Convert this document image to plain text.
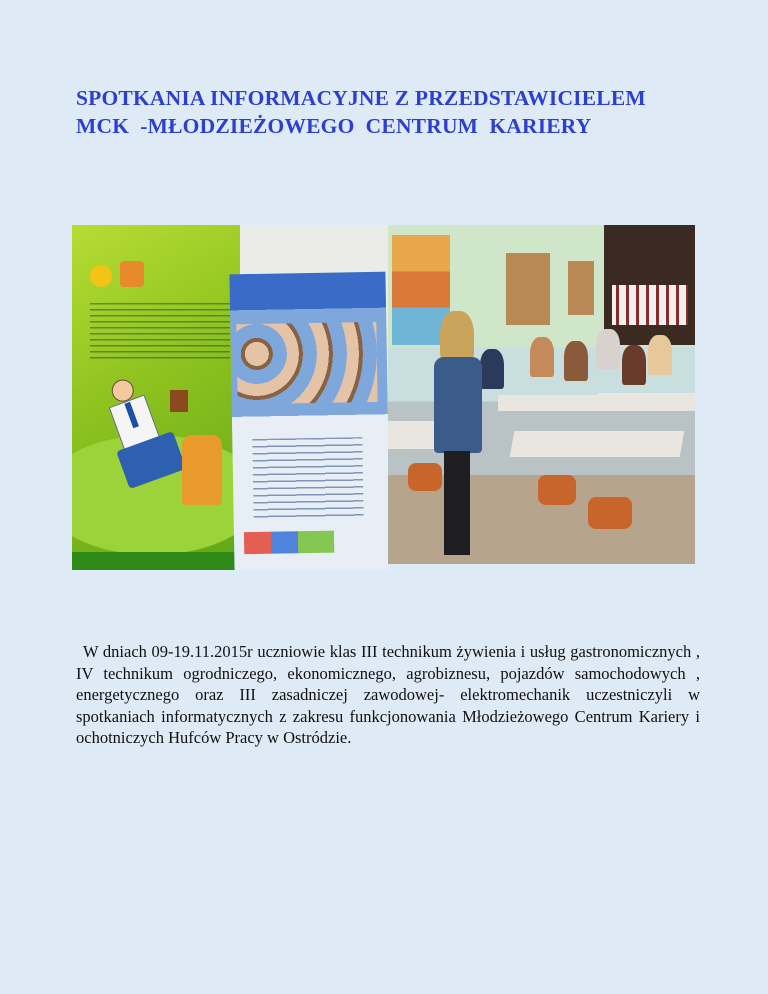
SPOTKANIA INFORMACYJNE Z PRZEDSTAWICIELEM
MCK  -MŁODZIEŻOWEGO  CENTRUM  KARIERY

W dniach 09-19.11.2015r uczniowie klas III technikum żywienia i usług gastronomicznych , IV technikum ogrodniczego, ekonomicznego, agrobiznesu, pojazdów samochodowych , energetycznego oraz III zasadniczej zawodowej- elektromechanik uczestniczyli w spotkaniach informatycznych z zakresu funkcjonowania Młodzieżowego Centrum Kariery i ochotniczych Hufców Pracy w Ostródzie.
